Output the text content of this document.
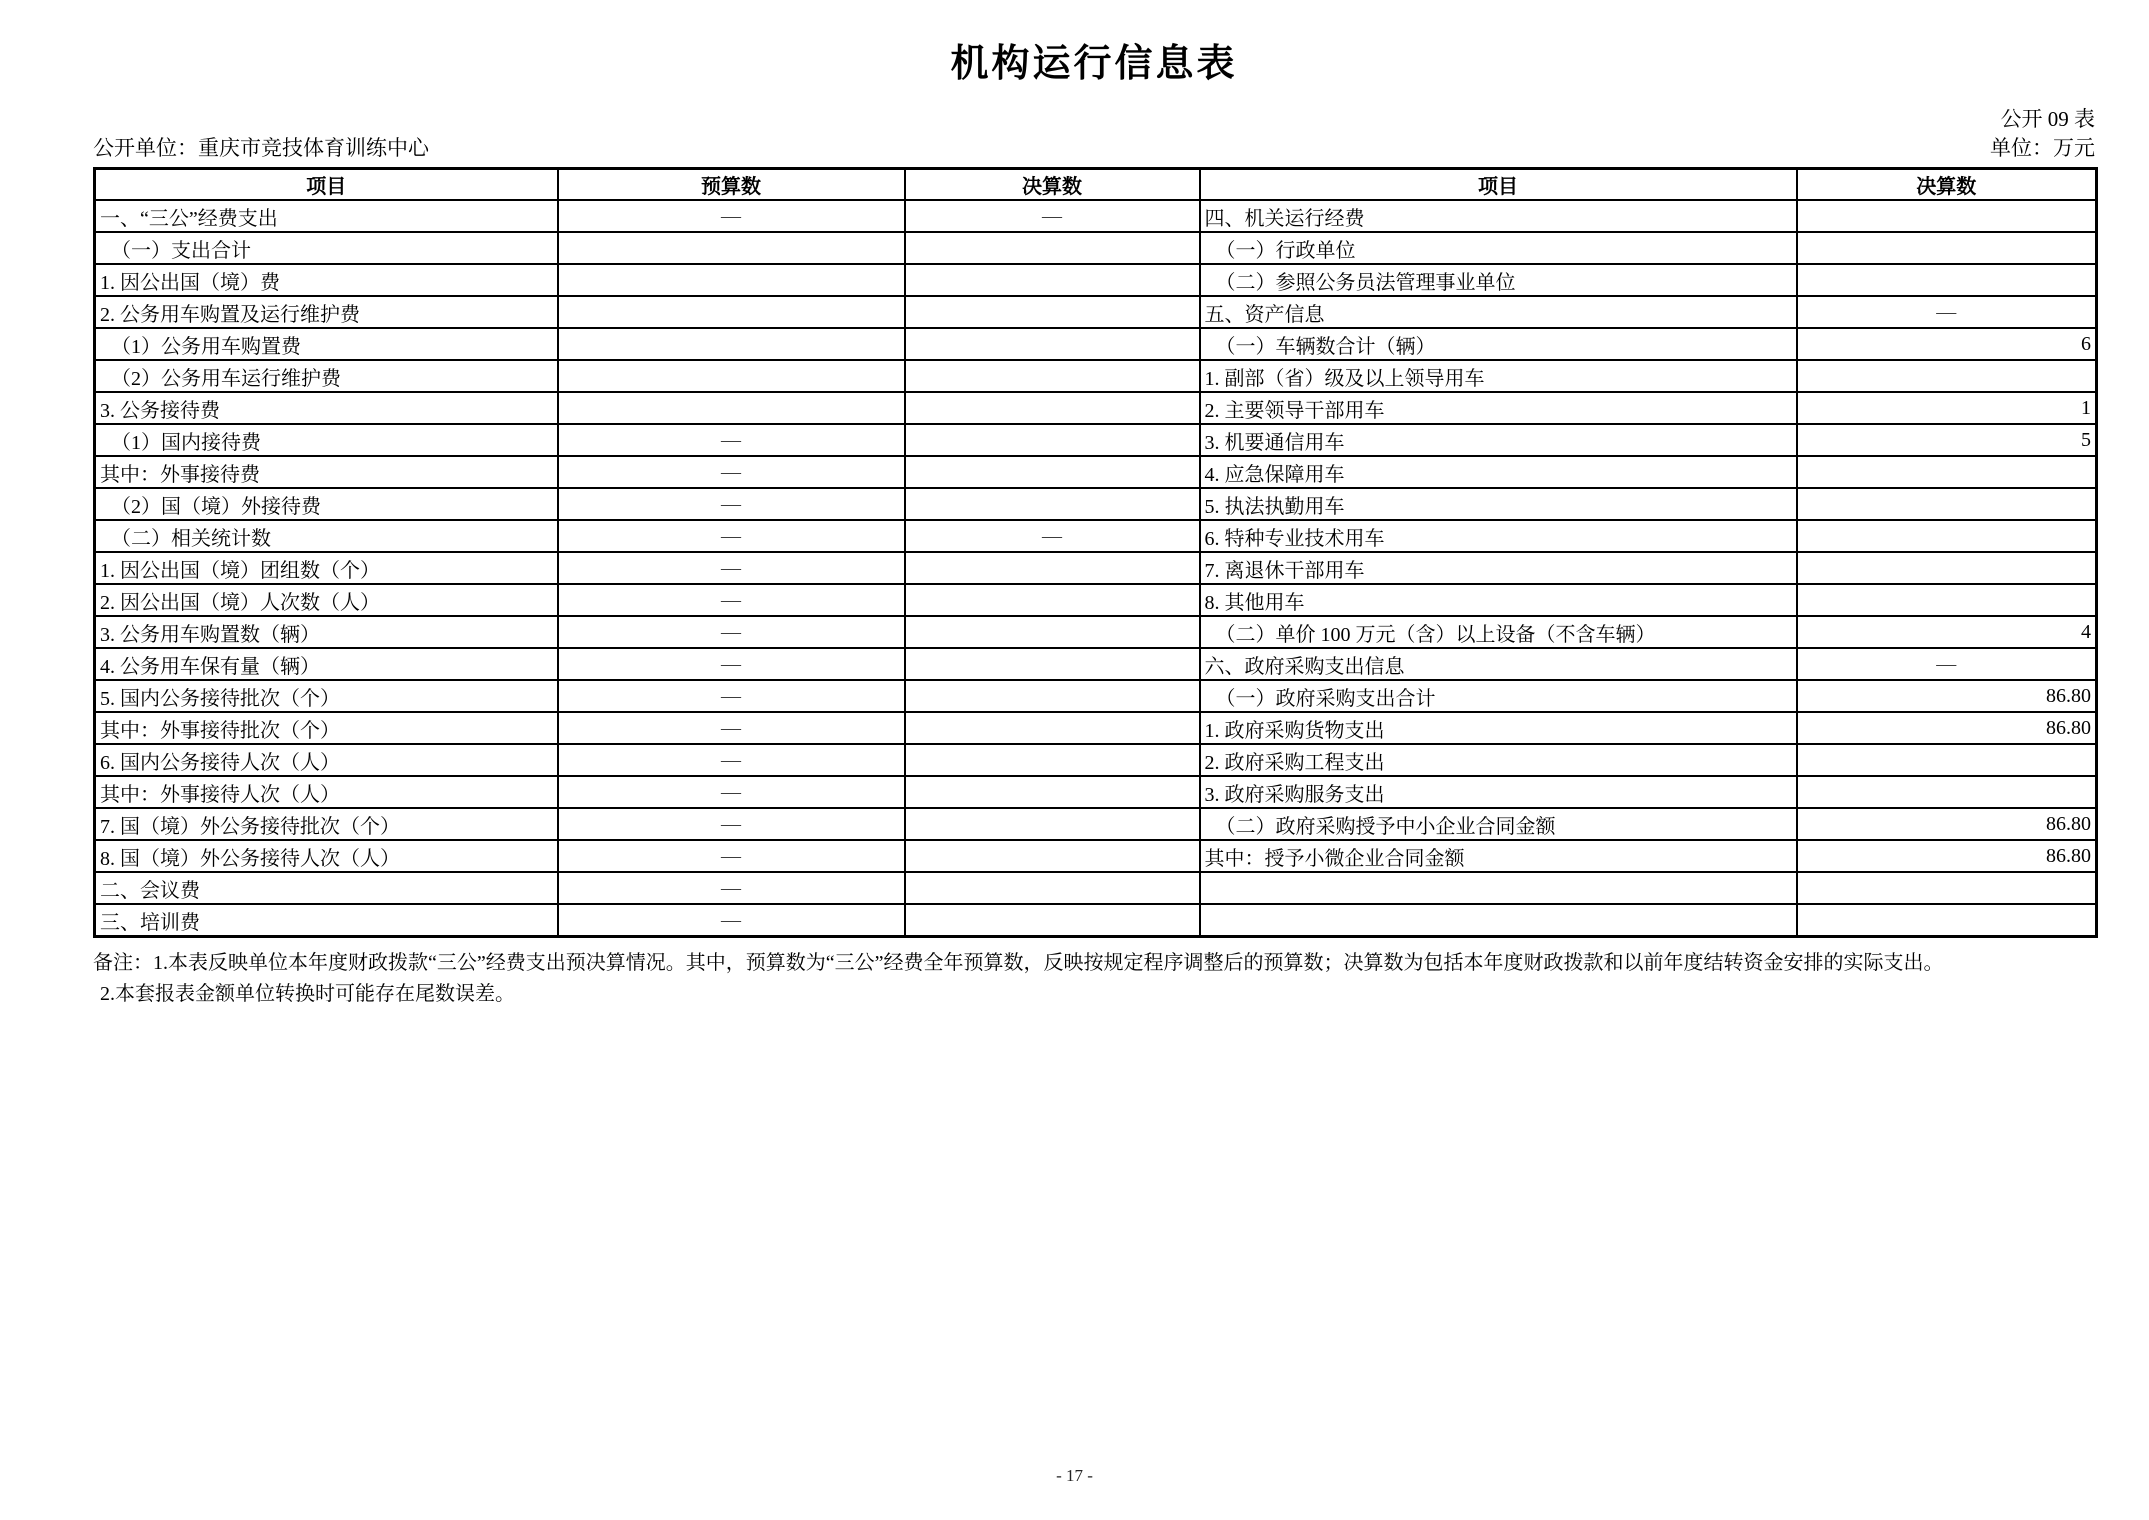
机构运行信息表
公开 09 表
公开单位：重庆市竞技体育训练中心	单位：万元
项目	预算数	决算数	项目	决算数
一、“三公”经费支出	—	—	四、机关运行经费	
（一）支出合计			（一）行政单位	
1. 因公出国（境）费			（二）参照公务员法管理事业单位	
2. 公务用车购置及运行维护费			五、资产信息	—
（1）公务用车购置费			（一）车辆数合计（辆）	6
（2）公务用车运行维护费			1. 副部（省）级及以上领导用车	
3. 公务接待费			2. 主要领导干部用车	1
（1）国内接待费	—		3. 机要通信用车	5
其中：外事接待费	—		4. 应急保障用车	
（2）国（境）外接待费	—		5. 执法执勤用车	
（二）相关统计数	—	—	6. 特种专业技术用车	
1. 因公出国（境）团组数（个）	—		7. 离退休干部用车	
2. 因公出国（境）人次数（人）	—		8. 其他用车	
3. 公务用车购置数（辆）	—		（二）单价 100 万元（含）以上设备（不含车辆）	4
4. 公务用车保有量（辆）	—		六、政府采购支出信息	—
5. 国内公务接待批次（个）	—		（一）政府采购支出合计	86.80
其中：外事接待批次（个）	—		1. 政府采购货物支出	86.80
6. 国内公务接待人次（人）	—		2. 政府采购工程支出	
其中：外事接待人次（人）	—		3. 政府采购服务支出	
7. 国（境）外公务接待批次（个）	—		（二）政府采购授予中小企业合同金额	86.80
8. 国（境）外公务接待人次（人）	—		其中：授予小微企业合同金额	86.80
二、会议费	—			
三、培训费	—			
备注：1.本表反映单位本年度财政拨款“三公”经费支出预决算情况。其中，预算数为“三公”经费全年预算数，反映按规定程序调整后的预算数；决算数为包括本年度财政拨款和以前年度结转资金安排的实际支出。
2.本套报表金额单位转换时可能存在尾数误差。
- 17 -
